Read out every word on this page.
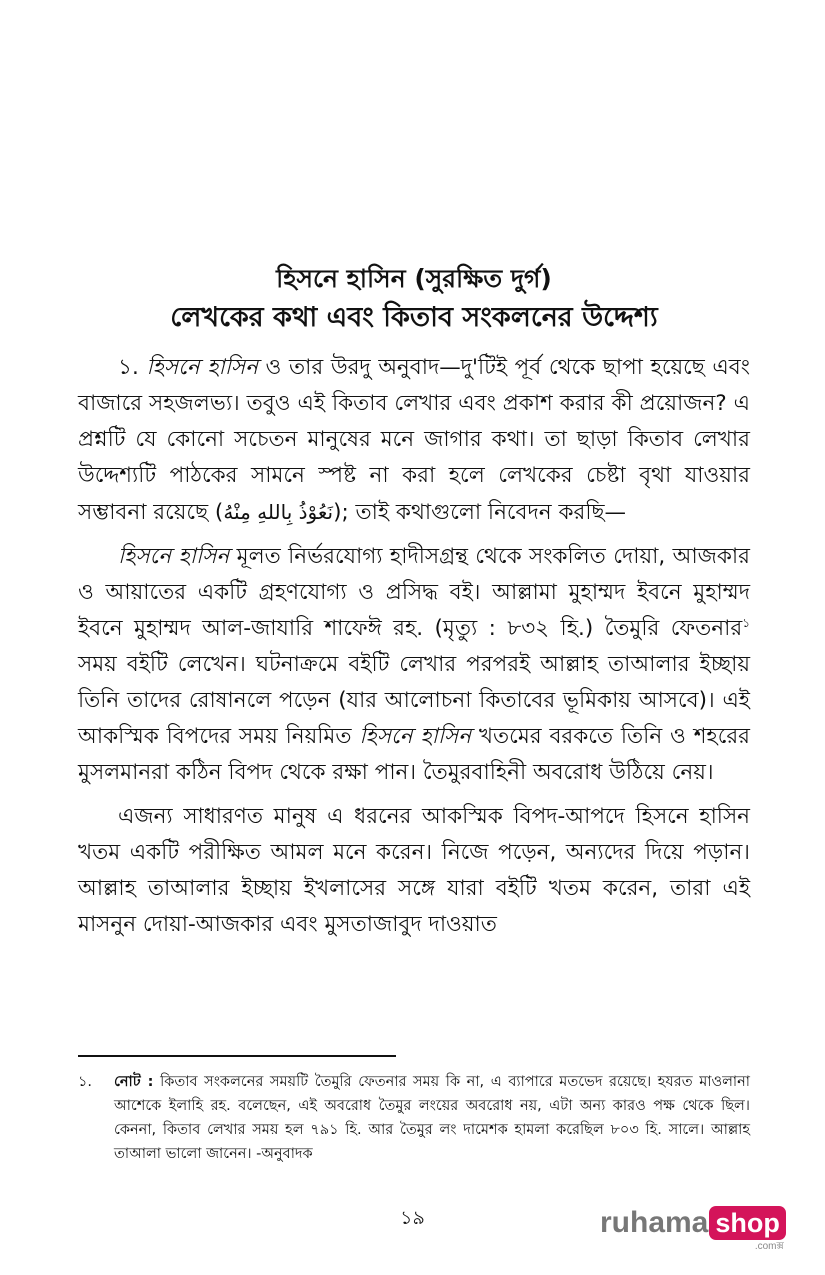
হিসনে হাসিন (সুরক্ষিত দুর্গ)
লেখকের কথা এবং কিতাব সংকলনের উদ্দেশ্য

১. হিসনে হাসিন ও তার উরদু অনুবাদ—দু'টিই পূর্ব থেকে ছাপা হয়েছে এবং বাজারে সহজলভ্য। তবুও এই কিতাব লেখার এবং প্রকাশ করার কী প্রয়োজন? এ প্রশ্নটি যে কোনো সচেতন মানুষের মনে জাগার কথা। তা ছাড়া কিতাব লেখার উদ্দেশ্যটি পাঠকের সামনে স্পষ্ট না করা হলে লেখকের চেষ্টা বৃথা যাওয়ার সম্ভাবনা রয়েছে (نَعُوْذُ بِاللهِ مِنْهُ); তাই কথাগুলো নিবেদন করছি—

হিসনে হাসিন মূলত নির্ভরযোগ্য হাদীসগ্রন্থ থেকে সংকলিত দোয়া, আজকার ও আয়াতের একটি গ্রহণযোগ্য ও প্রসিদ্ধ বই। আল্লামা মুহাম্মদ ইবনে মুহাম্মদ ইবনে মুহাম্মদ আল-জাযারি শাফেঈ রহ. (মৃত্যু : ৮৩২ হি.) তৈমুরি ফেতনার$^১$ সময় বইটি লেখেন। ঘটনাক্রমে বইটি লেখার পরপরই আল্লাহ তাআলার ইচ্ছায় তিনি তাদের রোষানলে পড়েন (যার আলোচনা কিতাবের ভূমিকায় আসবে)। এই আকস্মিক বিপদের সময় নিয়মিত হিসনে হাসিন খতমের বরকতে তিনি ও শহরের মুসলমানরা কঠিন বিপদ থেকে রক্ষা পান। তৈমুরবাহিনী অবরোধ উঠিয়ে নেয়।

এজন্য সাধারণত মানুষ এ ধরনের আকস্মিক বিপদ-আপদে হিসনে হাসিন খতম একটি পরীক্ষিত আমল মনে করেন। নিজে পড়েন, অন্যদের দিয়ে পড়ান। আল্লাহ তাআলার ইচ্ছায় ইখলাসের সঙ্গে যারা বইটি খতম করেন, তারা এই মাসনুন দোয়া-আজকার এবং মুসতাজাবুদ দাওয়াত

১.	নোট : কিতাব সংকলনের সময়টি তৈমুরি ফেতনার সময় কি না, এ ব্যাপারে মতভেদ রয়েছে। হযরত মাওলানা আশেকে ইলাহি রহ. বলেছেন, এই অবরোধ তৈমুর লংয়ের অবরোধ নয়, এটা অন্য কারও পক্ষ থেকে ছিল। কেননা, কিতাব লেখার সময় হল ৭৯১ হি. আর তৈমুর লং দামেশক হামলা করেছিল ৮০৩ হি. সালে। আল্লাহ তাআলা ভালো জানেন। -অনুবাদক
১৯	ruhama shop
.comক্স
